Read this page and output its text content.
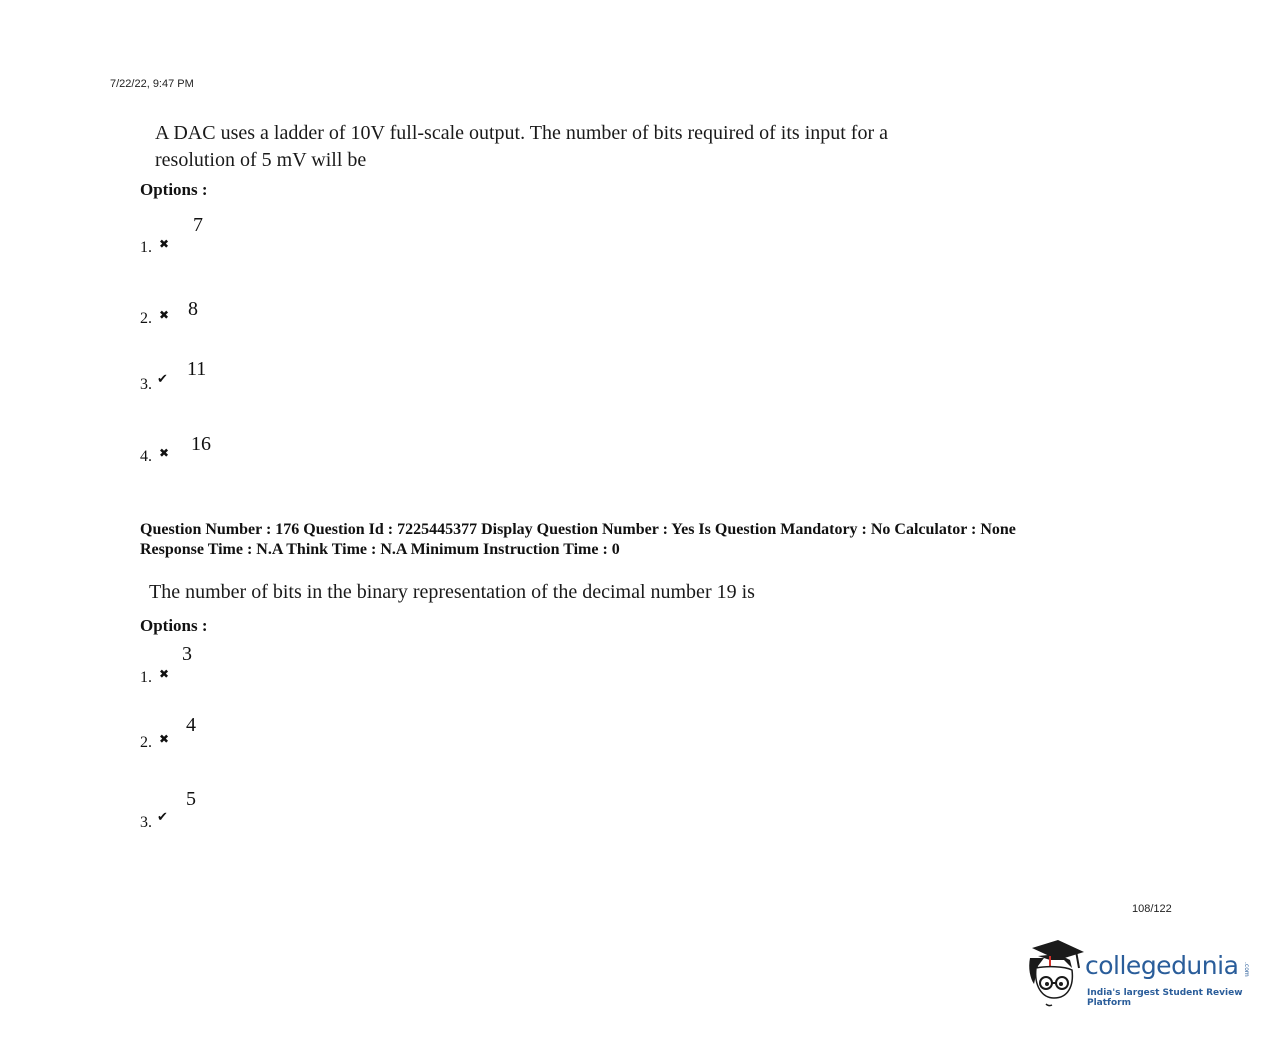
7/22/22, 9:47 PM
A DAC uses a ladder of 10V full-scale output. The number of bits required of its input for a
resolution of 5 mV will be
Options :
1. ✖
7
2. ✖ 8
3. ✔ 11
4. ✖ 16
Question Number : 176 Question Id : 7225445377 Display Question Number : Yes Is Question Mandatory : No Calculator : None
Response Time : N.A Think Time : N.A Minimum Instruction Time : 0
The number of bits in the binary representation of the decimal number 19 is
Options :
1. ✖
3
2. ✖
4
3. ✔
5
108/122
collegedunia .com
India's largest Student Review Platform
